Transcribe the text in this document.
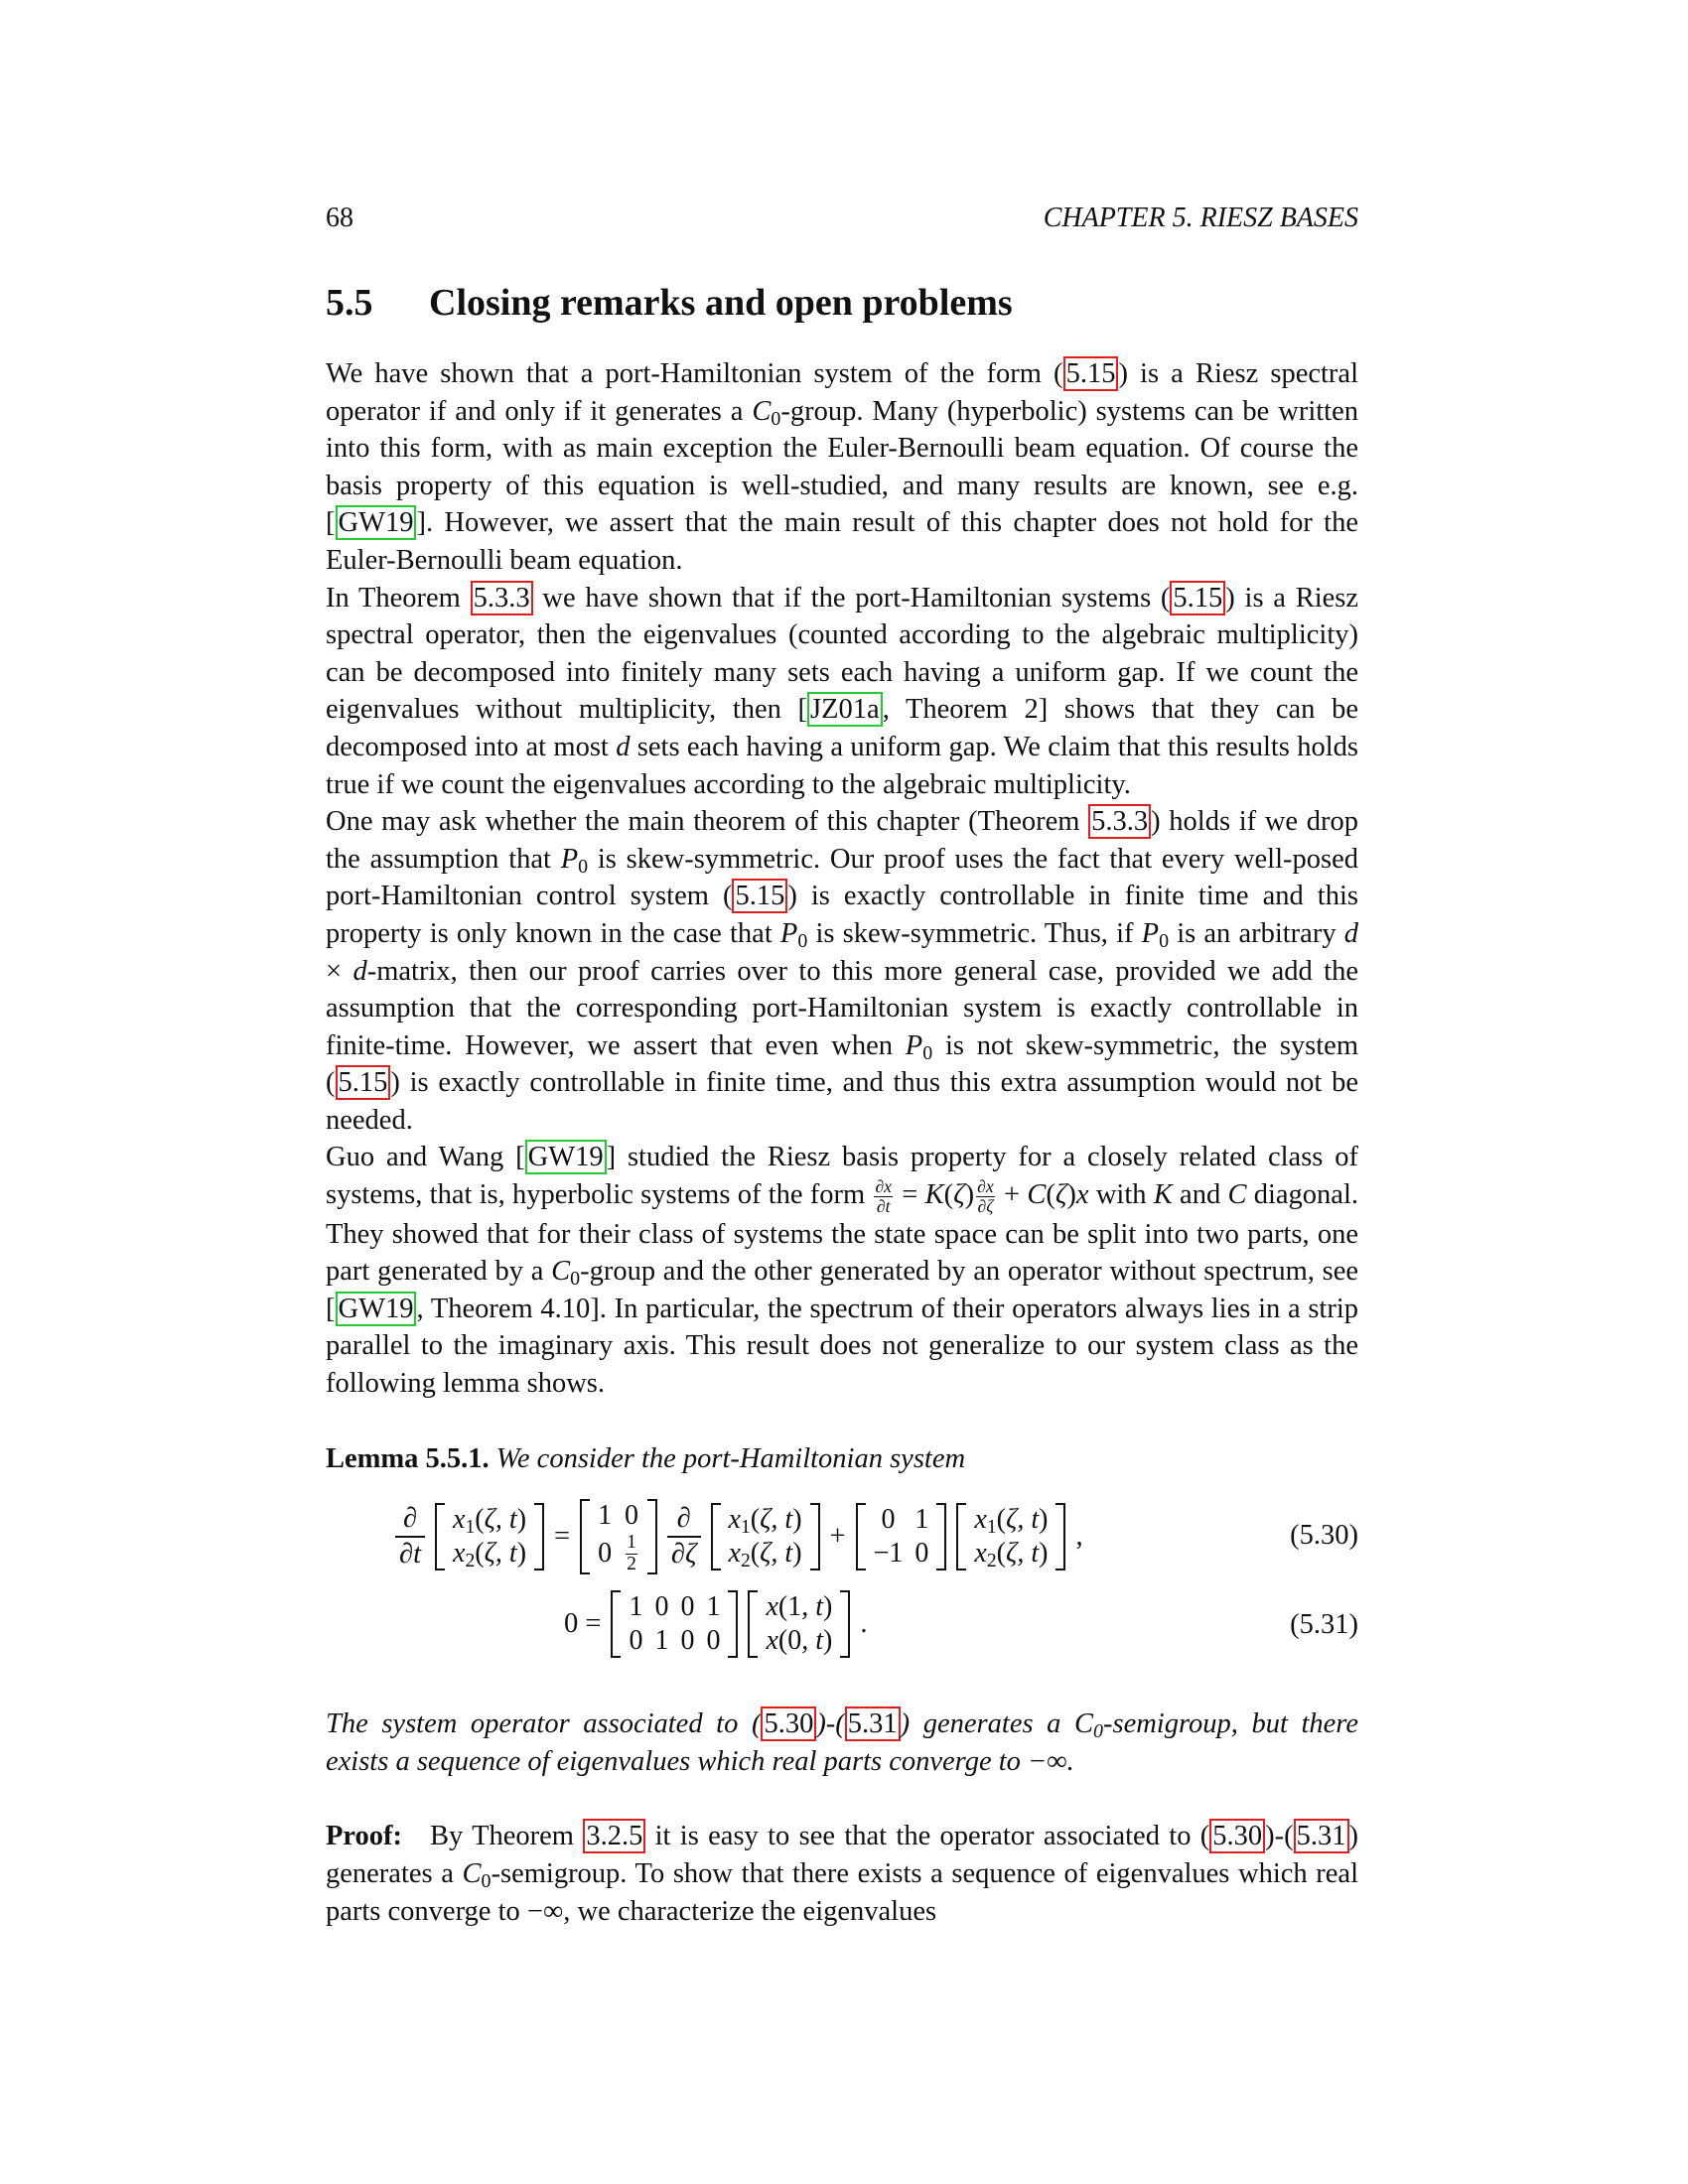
68	CHAPTER 5. RIESZ BASES
5.5 Closing remarks and open problems

We have shown that a port-Hamiltonian system of the form ( 5.15 ) is a Riesz spectral operator if and only if it generates a $C_0$-group. Many (hyperbolic) systems can be written into this form, with as main exception the Euler-Bernoulli beam equation. Of course the basis property of this equation is well-studied, and many results are known, see e.g. [ GW19 ]. However, we assert that the main result of this chapter does not hold for the Euler-Bernoulli beam equation.

In Theorem 5.3.3 we have shown that if the port-Hamiltonian systems ( 5.15 ) is a Riesz spectral operator, then the eigenvalues (counted according to the algebraic multiplicity) can be decomposed into finitely many sets each having a uniform gap. If we count the eigenvalues without multiplicity, then [ JZ01a , Theorem 2] shows that they can be decomposed into at most d sets each having a uniform gap. We claim that this results holds true if we count the eigenvalues according to the algebraic multiplicity.

One may ask whether the main theorem of this chapter (Theorem 5.3.3 ) holds if we drop the assumption that $P_0$ is skew-symmetric. Our proof uses the fact that every well-posed port-Hamiltonian control system ( 5.15 ) is exactly controllable in finite time and this property is only known in the case that $P_0$ is skew-symmetric. Thus, if $P_0$ is an arbitrary d × d-matrix, then our proof carries over to this more general case, provided we add the assumption that the corresponding port-Hamiltonian system is exactly controllable in finite-time. However, we assert that even when $P_0$ is not skew-symmetric, the system ( 5.15 ) is exactly controllable in finite time, and thus this extra assumption would not be needed.

Guo and Wang [ GW19 ] studied the Riesz basis property for a closely related class of systems, that is, hyperbolic systems of the form $\frac{\partial x}{\partial t} = K(\zeta) \frac{\partial x}{\partial\zeta} + C(\zeta)x$ with K and C diagonal. They showed that for their class of systems the state space can be split into two parts, one part generated by a $C_0$-group and the other generated by an operator without spectrum, see [ GW19 , Theorem 4.10]. In particular, the spectrum of their operators always lies in a strip parallel to the imaginary axis. This result does not generalize to our system class as the following lemma shows.

Lemma 5.5.1. We consider the port-Hamiltonian system

∂
∂t
$x_1(\zeta$, t)
$x_2(\zeta$, t)
=
1	0
0	$\frac{1}{2}$
∂
∂ζ
$x_1(\zeta$, t)
$x_2(\zeta$, t)
+
0	1
−1	0
$x_1(\zeta$, t)
$x_2(\zeta$, t)
,	(5.30)
0 =
1	0	0	1
0	1	0	0
x(1, t)
x(0, t)
.	(5.31)

The system operator associated to ( 5.30 )-( 5.31 ) generates a $C_0$-semigroup, but there exists a sequence of eigenvalues which real parts converge to −∞.

Proof: By Theorem 3.2.5 it is easy to see that the operator associated to ( 5.30 )-( 5.31 ) generates a $C_0$-semigroup. To show that there exists a sequence of eigenvalues which real parts converge to −∞, we characterize the eigenvalues
